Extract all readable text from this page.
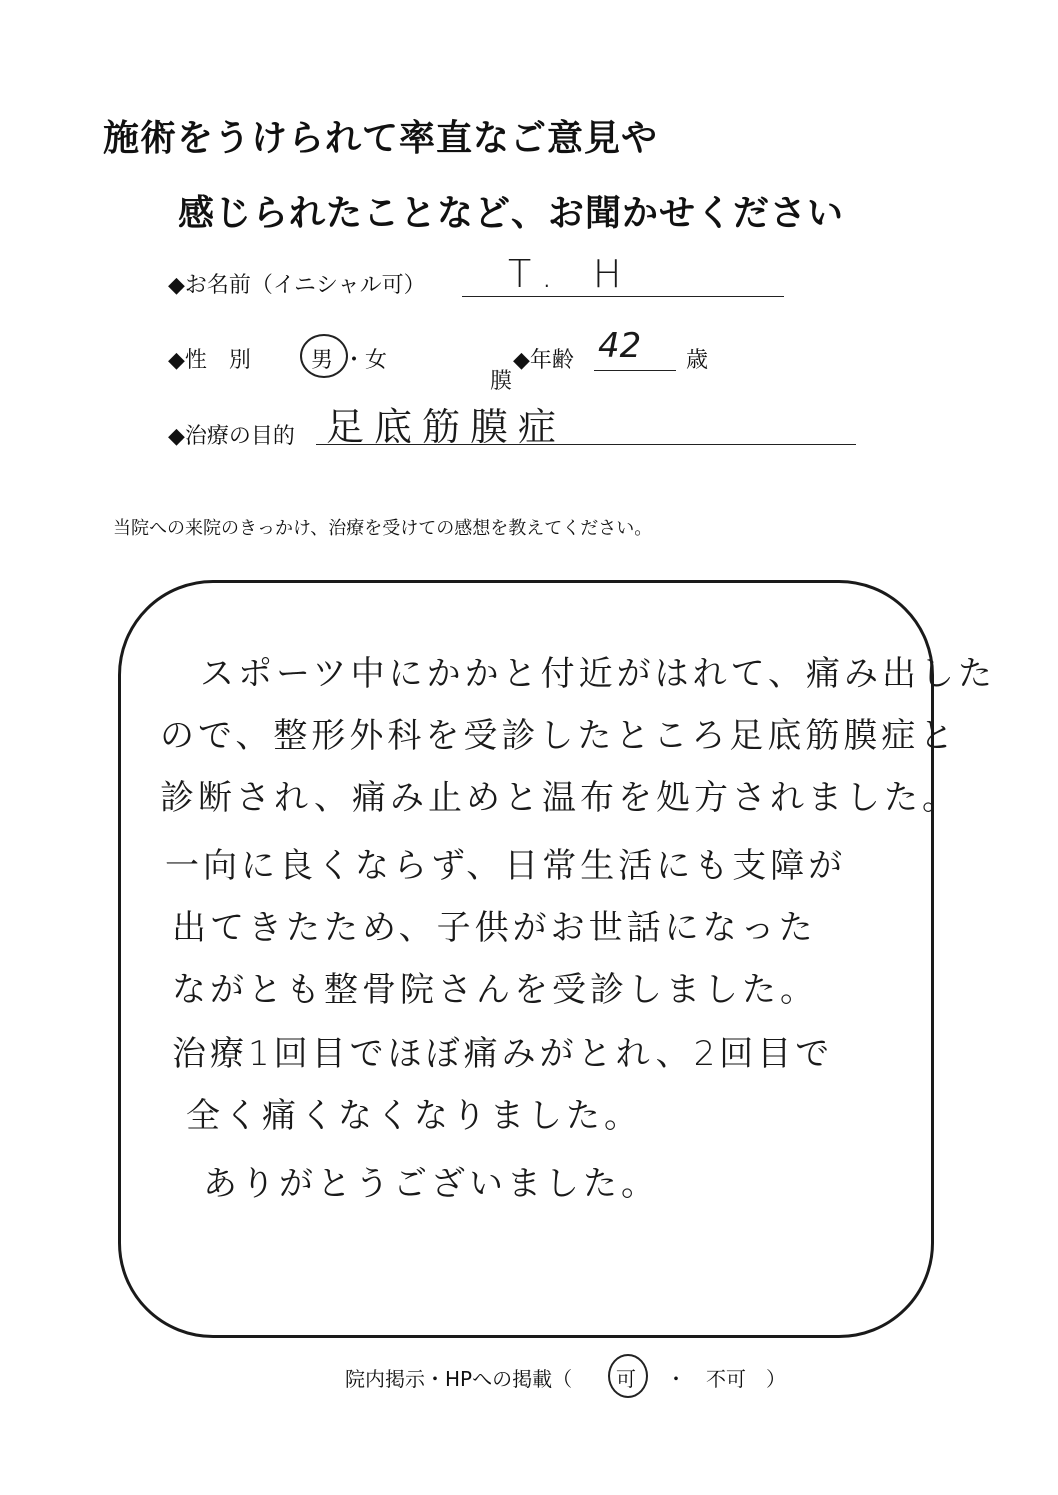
施術をうけられて率直なご意見や
感じられたことなど、お聞かせください
◆お名前（イニシャル可） T. H
◆性　別	男 ・ 女	◆年齢 42 歳
◆治療の目的 足底筋膜症
膜
当院への来院のきっかけ、治療を受けての感想を教えてください。
スポーツ中にかかと付近がはれて、痛み出した
ので、整形外科を受診したところ足底筋膜症と
診断され、痛み止めと温布を処方されました。
一向に良くならず、日常生活にも支障が
出てきたため、子供がお世話になった
ながとも整骨院さんを受診しました。
治療1回目でほぼ痛みがとれ、2回目で
全く痛くなくなりました。
ありがとうございました。
院内掲示・HPへの掲載（ 可 ・ 不可 ）
